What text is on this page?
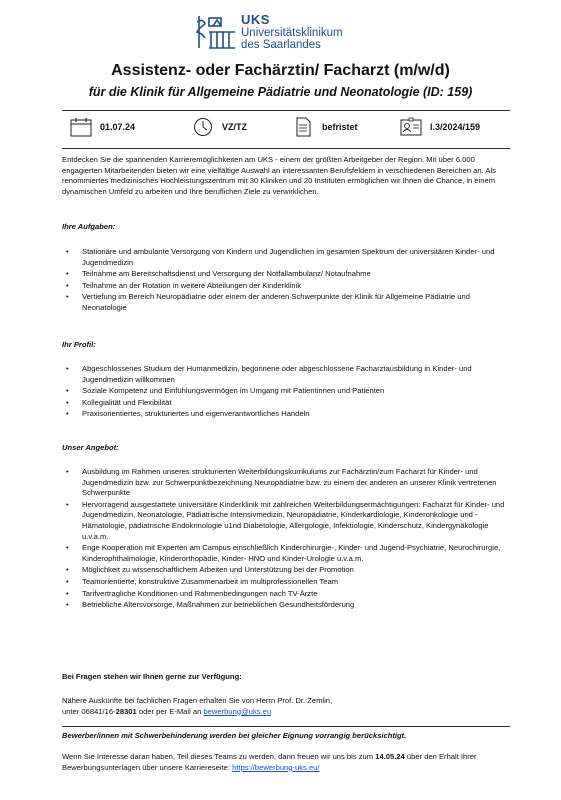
UKS
Universitätsklinikum
des Saarlandes
Assistenz- oder Fachärztin/ Facharzt (m/w/d)
für die Klinik für Allgemeine Pädiatrie und Neonatologie (ID: 159)
01.07.24	VZ/TZ	befristet	I.3/2024/159

Entdecken Sie die spannenden Karrieremöglichkeiten am UKS - einem der größten Arbeitgeber der Region. Mit über 6.000 engagierten Mitarbeitenden bieten wir eine vielfältige Auswahl an interessanten Berufsfeldern in verschiedenen Bereichen an. Als renommiertes medizinisches Hochleistungszentrum mit 30 Kliniken und 20 Instituten ermöglichen wir Ihnen die Chance, in einem dynamischen Umfeld zu arbeiten und Ihre beruflichen Ziele zu verwirklichen.

Ihre Aufgaben:

• Stationäre und ambulante Versorgung von Kindern und Jugendlichen im gesamten Spektrum der universitären Kinder- und Jugendmedizin
• Teilnahme am Bereitschaftsdienst und Versorgung der Notfallambulanz/ Notaufnahme
• Teilnahme an der Rotation in weitere Abteilungen der Kinderklinik
• Vertiefung im Bereich Neuropädiatrie oder einem der anderen Schwerpunkte der Klinik für Allgemeine Pädiatrie und Neonatologie

Ihr Profil:

• Abgeschlossenes Studium der Humanmedizin, begonnene oder abgeschlossene Facharztausbildung in Kinder- und Jugendmedizin willkommen
• Soziale Kompetenz und Einfühlungsvermögen im Umgang mit Patientinnen und Patienten
• Kollegialität und Flexibilität
• Praxisorientiertes, strukturiertes und eigenverantwortliches Handeln

Unser Angebot:

• Ausbildung im Rahmen unseres strukturierten Weiterbildungskurrikulums zur Fachärztin/zum Facharzt für Kinder- und Jugendmedizin bzw. zur Schwerpunktbezeichnung Neuropädiatrie bzw. zu einem der anderen an unserer Klinik vertretenen Schwerpunkte
• Hervorragend ausgestattete universitäre Kinderklinik mit zahlreichen Weiterbildungsermächtigungen: Facharzt für Kinder- und Jugendmedizin, Neonatologie, Pädiatrische Intensivmedizin, Neuropädiatrie, Kinderkardiologie, Kinderonkologie und -Hämatologie, pädiatrische Endokrinologie u1nd Diabetologie, Allergologie, Infektiologie, Kinderschutz, Kindergynäkologie u.v.a.m.
• Enge Kooperation mit Experten am Campus einschließlich Kinderchirurgie-, Kinder- und Jugend-Psychiatrie, Neurochirurgie, Kinderophthalmologie, Kinderorthopädie, Kinder- HNO und Kinder-Urologie u.v.a.m.
• Möglichkeit zu wissenschaftlichem Arbeiten und Unterstützung bei der Promotion
• Teamorientierte, konstruktive Zusammenarbeit im multiprofessionellen Team
• Tarifvertragliche Konditionen und Rahmenbedingungen nach TV-Ärzte
• Betriebliche Altersvorsorge, Maßnahmen zur betrieblichen Gesundheitsförderung

Bei Fragen stehen wir Ihnen gerne zur Verfügung:

Nähere Auskünfte bei fachlichen Fragen erhalten Sie von Herrn Prof. Dr. Zemlin,

unter 06841/16-28301 oder per E-Mail an bewerbung@uks.eu

Bewerber/innen mit Schwerbehinderung werden bei gleicher Eignung vorrangig berücksichtigt.

Wenn Sie Interesse daran haben, Teil dieses Teams zu werden, dann freuen wir uns bis zum 14.05.24 über den Erhalt Ihrer Bewerbungsunterlagen über unsere Karriereseite: https://bewerbung-uks.eu/
